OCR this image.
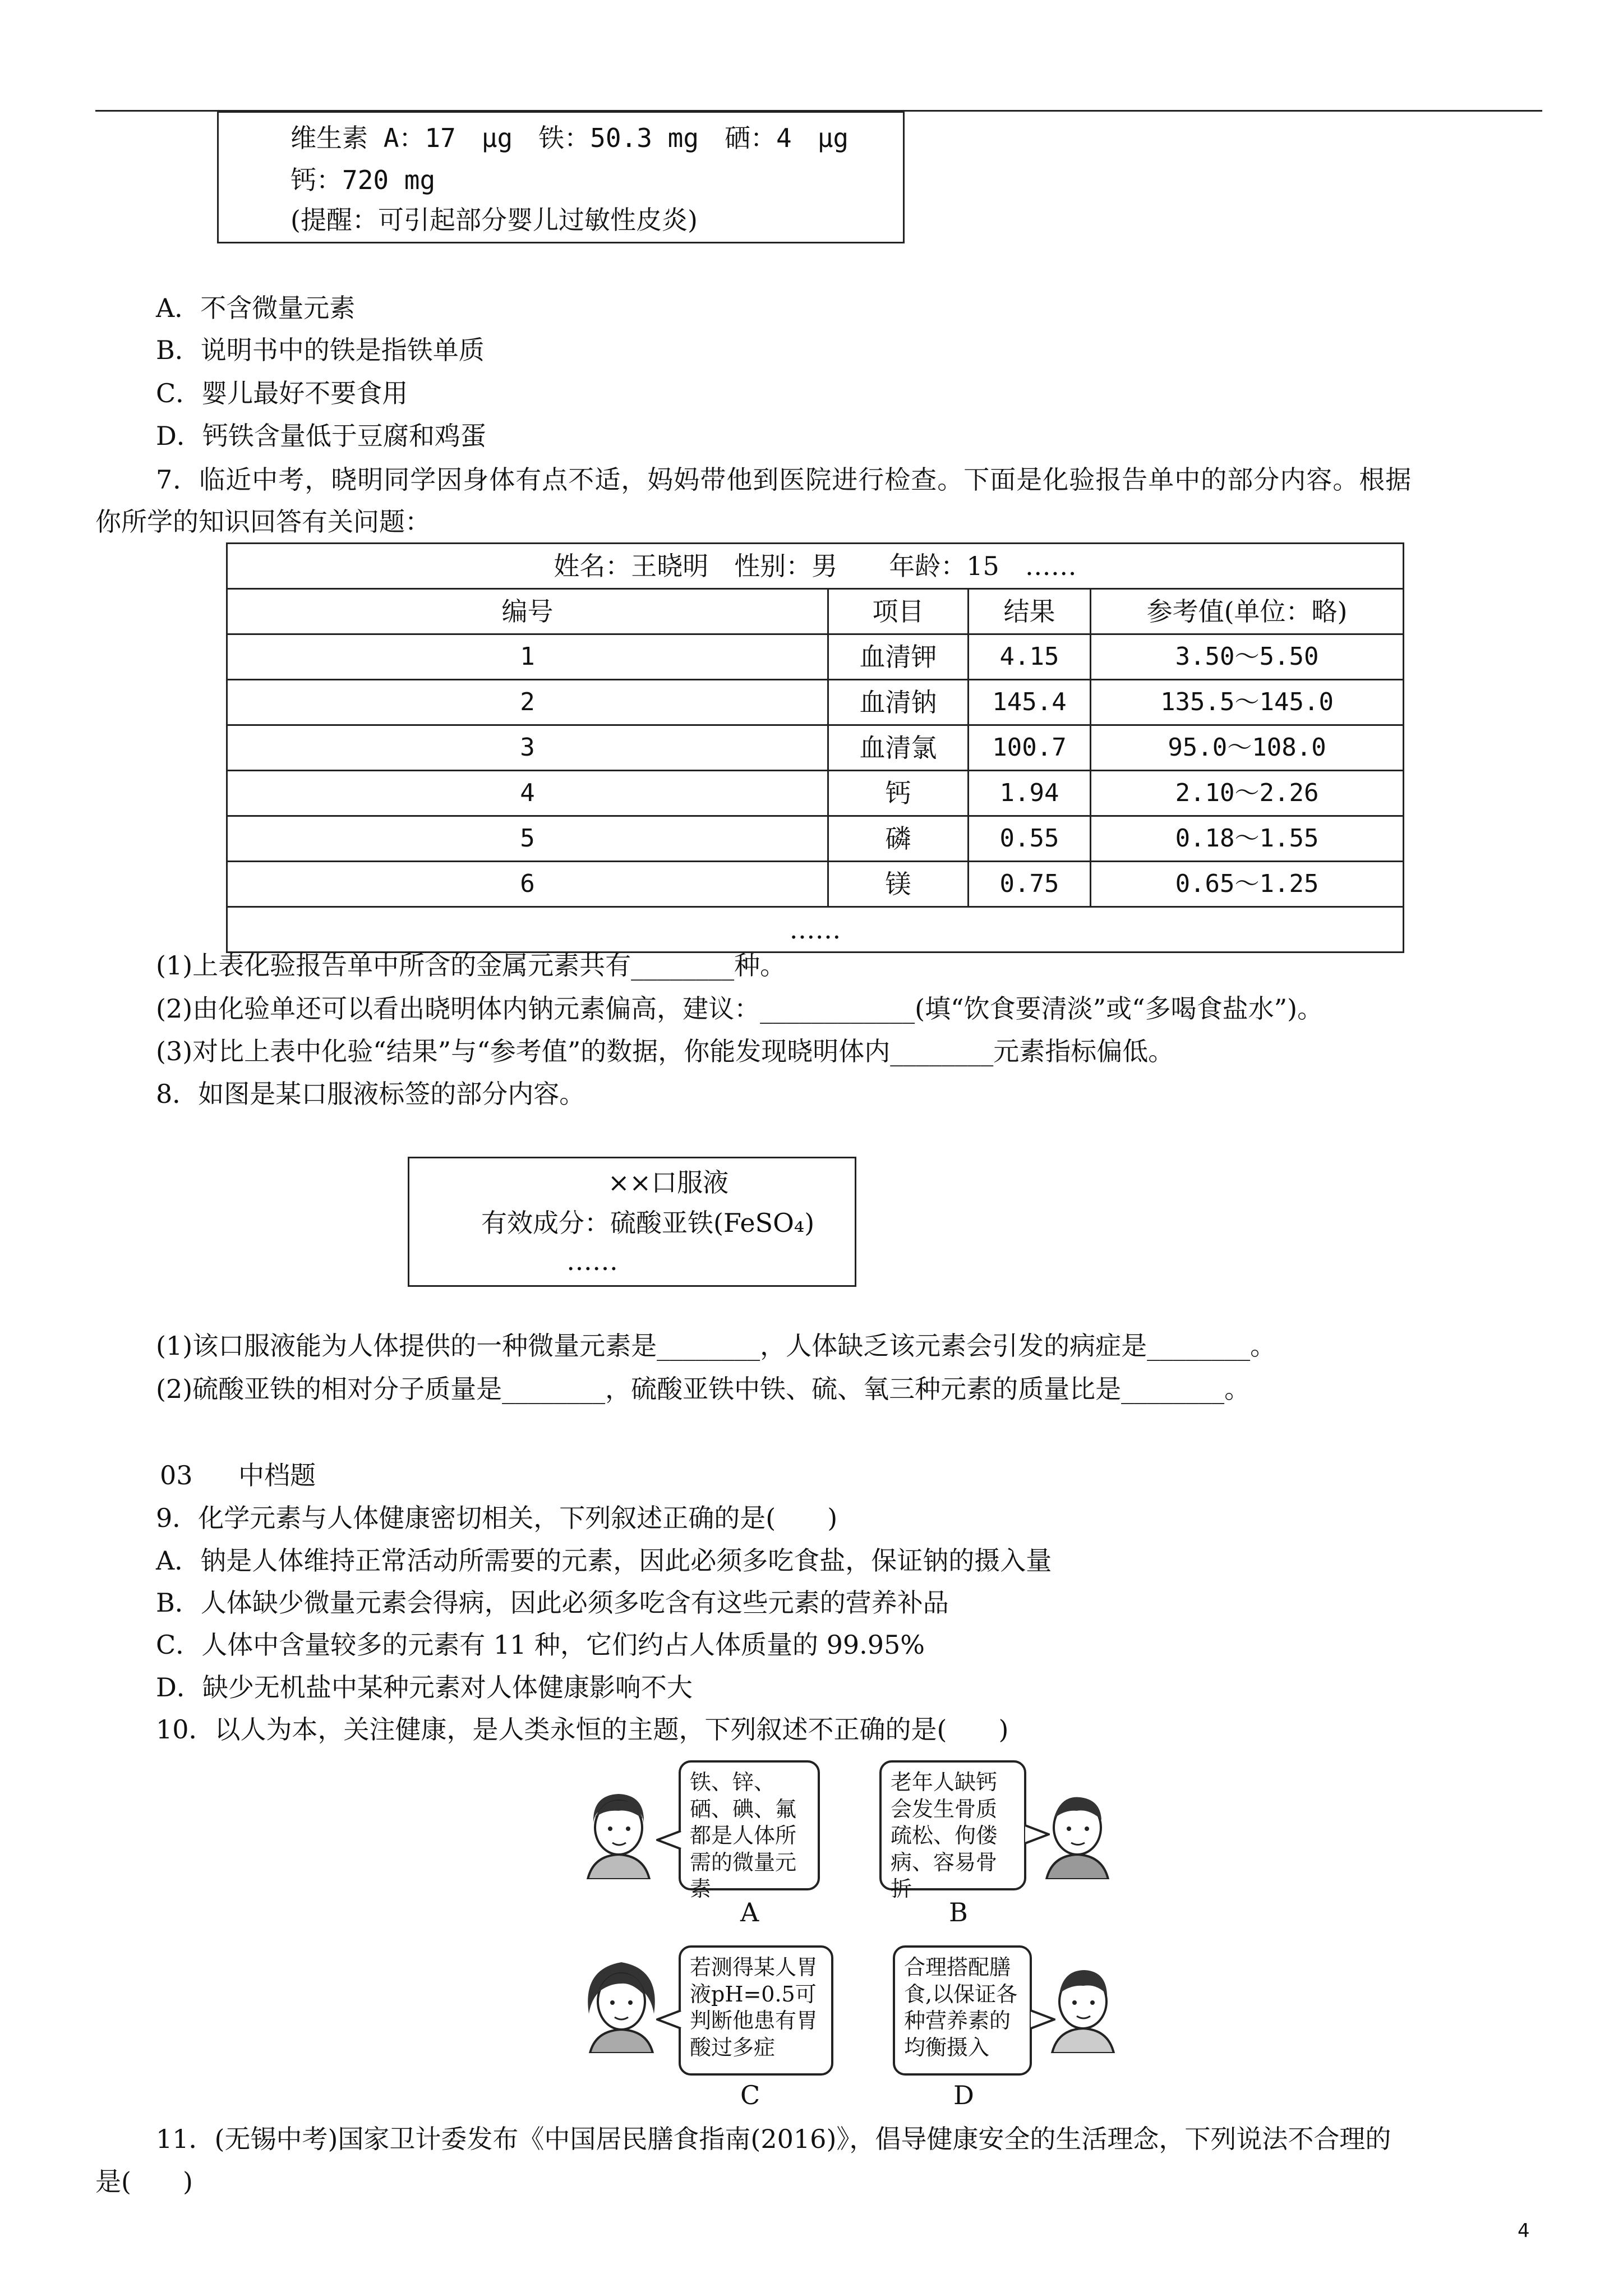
维生素 A：17　μg　铁：50.3 mg　硒：4　μg
钙：720 mg
(提醒：可引起部分婴儿过敏性皮炎)
A．不含微量元素
B．说明书中的铁是指铁单质
C．婴儿最好不要食用
D．钙铁含量低于豆腐和鸡蛋
7．临近中考，晓明同学因身体有点不适，妈妈带他到医院进行检查。下面是化验报告单中的部分内容。根据
你所学的知识回答有关问题：
姓名：王晓明　性别：男　　年龄：15　……			
编号	项目	结果	参考值(单位：略)
1	血清钾	4.15	3.50～5.50
2	血清钠	145.4	135.5～145.0
3	血清氯	100.7	95.0～108.0
4	钙	1.94	2.10～2.26
5	磷	0.55	0.18～1.55
6	镁	0.75	0.65～1.25
……			
(1)上表化验报告单中所含的金属元素共有________种。
(2)由化验单还可以看出晓明体内钠元素偏高，建议：____________(填“饮食要清淡”或“多喝食盐水”)。
(3)对比上表中化验“结果”与“参考值”的数据，你能发现晓明体内________元素指标偏低。
8．如图是某口服液标签的部分内容。
××口服液
有效成分：硫酸亚铁(FeSO₄)
……
(1)该口服液能为人体提供的一种微量元素是________，人体缺乏该元素会引发的病症是________。
(2)硫酸亚铁的相对分子质量是________，硫酸亚铁中铁、硫、氧三种元素的质量比是________。
03 中档题
9．化学元素与人体健康密切相关，下列叙述正确的是(　　)
A．钠是人体维持正常活动所需要的元素，因此必须多吃食盐，保证钠的摄入量
B．人体缺少微量元素会得病，因此必须多吃含有这些元素的营养补品
C．人体中含量较多的元素有 11 种，它们约占人体质量的 99.95%
D．缺少无机盐中某种元素对人体健康影响不大
10．以人为本，关注健康，是人类永恒的主题，下列叙述不正确的是(　　)
铁、锌、硒、碘、氟都是人体所需的微量元素
A
老年人缺钙会发生骨质疏松、佝偻病、容易骨折
B
若测得某人胃液pH=0.5可判断他患有胃酸过多症
C
合理搭配膳食,以保证各种营养素的均衡摄入
D
11．(无锡中考)国家卫计委发布《中国居民膳食指南(2016)》，倡导健康安全的生活理念，下列说法不合理的
是(　　)
4
